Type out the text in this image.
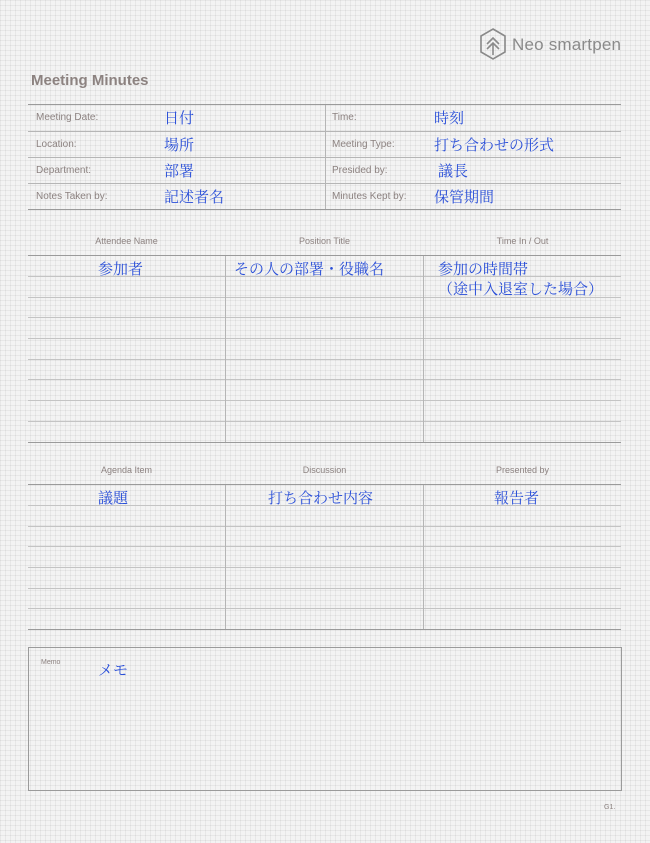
Neo smartpen
Meeting Minutes
Meeting Date:	日付	Time:	時刻
Location:	場所	Meeting Type:	打ち合わせの形式
Department:	部署	Presided by:	議長
Notes Taken by:	記述者名	Minutes Kept by: 保管期間
Attendee Name	Position Title	Time In / Out
参加者	その人の部署・役職名	参加の時間帯
（途中入退室した場合）
Agenda Item	Discussion	Presented by
議題	打ち合わせ内容	報告者
Memo	メモ
G1.
